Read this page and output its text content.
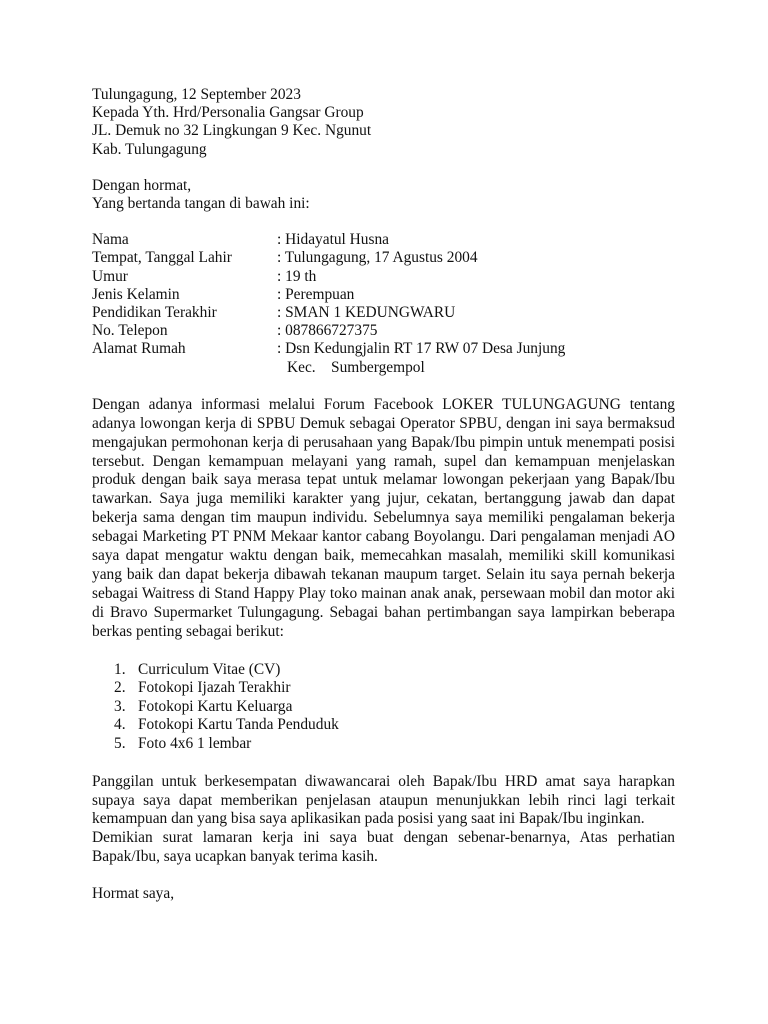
Tulungagung, 12 September 2023
Kepada Yth. Hrd/Personalia Gangsar Group
JL. Demuk no 32 Lingkungan 9 Kec. Ngunut
Kab. Tulungagung
Dengan hormat,
Yang bertanda tangan di bawah ini:
Nama	: Hidayatul Husna
Tempat, Tanggal Lahir	: Tulungagung, 17 Agustus 2004
Umur	: 19 th
Jenis Kelamin	: Perempuan
Pendidikan Terakhir	: SMAN 1 KEDUNGWARU
No. Telepon	: 087866727375
Alamat Rumah	: Dsn Kedungjalin RT 17 RW 07 Desa Junjung
Kec.    Sumbergempol

Dengan adanya informasi melalui Forum Facebook LOKER TULUNGAGUNG tentang adanya lowongan kerja di SPBU Demuk sebagai Operator SPBU, dengan ini saya bermaksud mengajukan permohonan kerja di perusahaan yang Bapak/Ibu pimpin untuk menempati posisi tersebut. Dengan kemampuan melayani yang ramah, supel dan kemampuan menjelaskan produk dengan baik saya merasa tepat untuk melamar lowongan pekerjaan yang Bapak/Ibu tawarkan. Saya juga memiliki karakter yang jujur, cekatan, bertanggung jawab dan dapat bekerja sama dengan tim maupun individu. Sebelumnya saya memiliki pengalaman bekerja sebagai Marketing PT PNM Mekaar kantor cabang Boyolangu. Dari pengalaman menjadi AO saya dapat mengatur waktu dengan baik, memecahkan masalah, memiliki skill komunikasi yang baik dan dapat bekerja dibawah tekanan maupum target. Selain itu saya pernah bekerja sebagai Waitress di Stand Happy Play toko mainan anak anak, persewaan mobil dan motor aki di Bravo Supermarket Tulungagung. Sebagai bahan pertimbangan saya lampirkan beberapa berkas penting sebagai berikut:

1. Curriculum Vitae (CV)
2. Fotokopi Ijazah Terakhir
3. Fotokopi Kartu Keluarga
4. Fotokopi Kartu Tanda Penduduk
5. Foto 4x6 1 lembar

Panggilan untuk berkesempatan diwawancarai oleh Bapak/Ibu HRD amat saya harapkan supaya saya dapat memberikan penjelasan ataupun menunjukkan lebih rinci lagi terkait kemampuan dan yang bisa saya aplikasikan pada posisi yang saat ini Bapak/Ibu inginkan.

Demikian surat lamaran kerja ini saya buat dengan sebenar-benarnya, Atas perhatian Bapak/Ibu, saya ucapkan banyak terima kasih.

Hormat saya,
